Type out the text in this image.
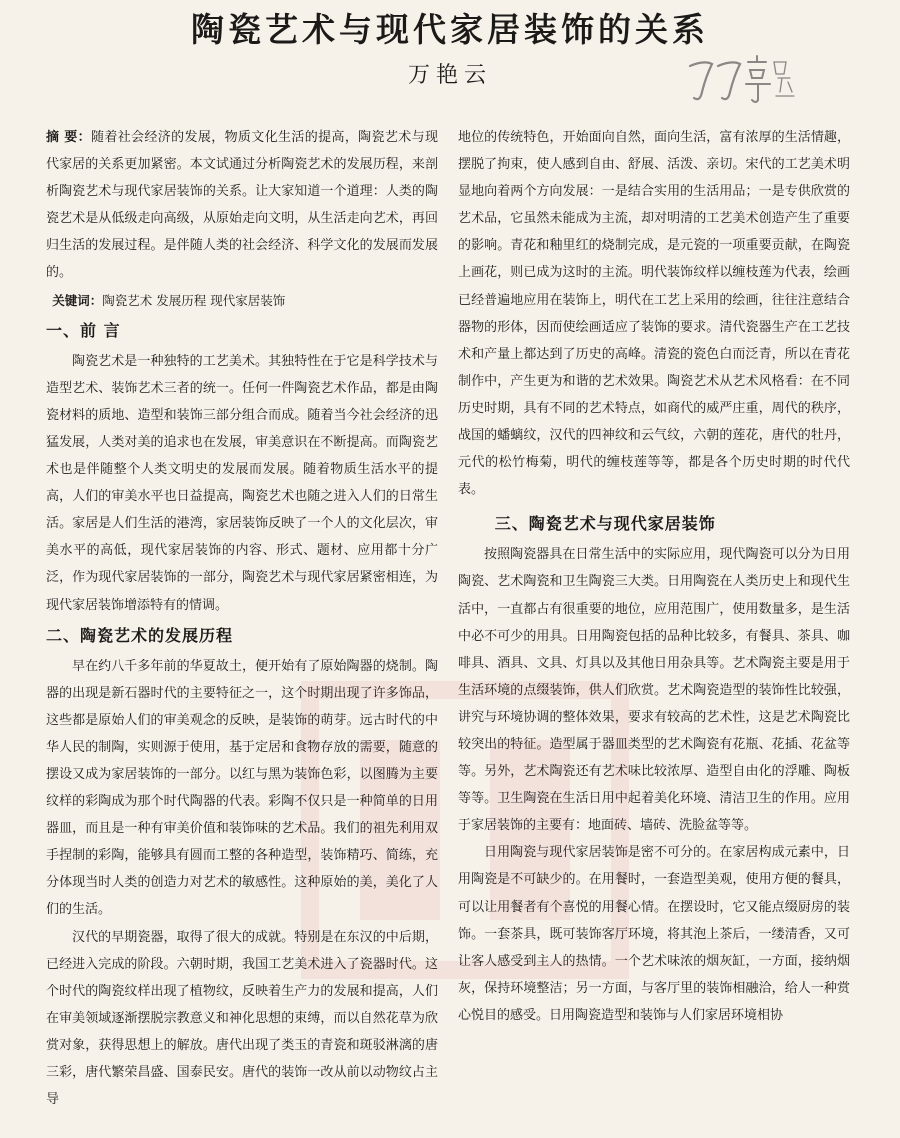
陶瓷艺术与现代家居装饰的关系
万艳云

摘 要：随着社会经济的发展，物质文化生活的提高，陶瓷艺术与现代家居的关系更加紧密。本文试通过分析陶瓷艺术的发展历程，来剖析陶瓷艺术与现代家居装饰的关系。让大家知道一个道理：人类的陶瓷艺术是从低级走向高级，从原始走向文明，从生活走向艺术，再回归生活的发展过程。是伴随人类的社会经济、科学文化的发展而发展的。

关键词：陶瓷艺术 发展历程 现代家居装饰

一、前 言

陶瓷艺术是一种独特的工艺美术。其独特性在于它是科学技术与造型艺术、装饰艺术三者的统一。任何一件陶瓷艺术作品，都是由陶瓷材料的质地、造型和装饰三部分组合而成。随着当今社会经济的迅猛发展，人类对美的追求也在发展，审美意识在不断提高。而陶瓷艺术也是伴随整个人类文明史的发展而发展。随着物质生活水平的提高，人们的审美水平也日益提高，陶瓷艺术也随之进入人们的日常生活。家居是人们生活的港湾，家居装饰反映了一个人的文化层次，审美水平的高低，现代家居装饰的内容、形式、题材、应用都十分广泛，作为现代家居装饰的一部分，陶瓷艺术与现代家居紧密相连，为现代家居装饰增添特有的情调。

二、陶瓷艺术的发展历程

早在约八千多年前的华夏故土，便开始有了原始陶器的烧制。陶器的出现是新石器时代的主要特征之一，这个时期出现了许多饰品，这些都是原始人们的审美观念的反映，是装饰的萌芽。远古时代的中华人民的制陶，实则源于使用，基于定居和食物存放的需要，随意的摆设又成为家居装饰的一部分。以红与黑为装饰色彩，以图腾为主要纹样的彩陶成为那个时代陶器的代表。彩陶不仅只是一种简单的日用器皿，而且是一种有审美价值和装饰味的艺术品。我们的祖先利用双手捏制的彩陶，能够具有圆而工整的各种造型，装饰精巧、简练，充分体现当时人类的创造力对艺术的敏感性。这种原始的美，美化了人们的生活。

汉代的早期瓷器，取得了很大的成就。特别是在东汉的中后期，已经进入完成的阶段。六朝时期，我国工艺美术进入了瓷器时代。这个时代的陶瓷纹样出现了植物纹，反映着生产力的发展和提高，人们在审美领域逐渐摆脱宗教意义和神化思想的束缚，而以自然花草为欣赏对象，获得思想上的解放。唐代出现了类玉的青瓷和斑驳淋漓的唐三彩，唐代繁荣昌盛、国泰民安。唐代的装饰一改从前以动物纹占主导

地位的传统特色，开始面向自然，面向生活，富有浓厚的生活情趣，摆脱了拘束，使人感到自由、舒展、活泼、亲切。宋代的工艺美术明显地向着两个方向发展：一是结合实用的生活用品；一是专供欣赏的艺术品，它虽然未能成为主流，却对明清的工艺美术创造产生了重要的影响。青花和釉里红的烧制完成，是元瓷的一项重要贡献，在陶瓷上画花，则已成为这时的主流。明代装饰纹样以缠枝莲为代表，绘画已经普遍地应用在装饰上，明代在工艺上采用的绘画，往往注意结合器物的形体，因而使绘画适应了装饰的要求。清代瓷器生产在工艺技术和产量上都达到了历史的高峰。清瓷的瓷色白而泛青，所以在青花制作中，产生更为和谐的艺术效果。陶瓷艺术从艺术风格看：在不同历史时期，具有不同的艺术特点，如商代的威严庄重，周代的秩序，战国的蟠螭纹，汉代的四神纹和云气纹，六朝的莲花，唐代的牡丹，元代的松竹梅菊，明代的缠枝莲等等，都是各个历史时期的时代代表。

三、陶瓷艺术与现代家居装饰

按照陶瓷器具在日常生活中的实际应用，现代陶瓷可以分为日用陶瓷、艺术陶瓷和卫生陶瓷三大类。日用陶瓷在人类历史上和现代生活中，一直都占有很重要的地位，应用范围广，使用数量多，是生活中必不可少的用具。日用陶瓷包括的品种比较多，有餐具、茶具、咖啡具、酒具、文具、灯具以及其他日用杂具等。艺术陶瓷主要是用于生活环境的点缀装饰，供人们欣赏。艺术陶瓷造型的装饰性比较强，讲究与环境协调的整体效果，要求有较高的艺术性，这是艺术陶瓷比较突出的特征。造型属于器皿类型的艺术陶瓷有花瓶、花插、花盆等等。另外，艺术陶瓷还有艺术味比较浓厚、造型自由化的浮雕、陶板等等。卫生陶瓷在生活日用中起着美化环境、清洁卫生的作用。应用于家居装饰的主要有：地面砖、墙砖、洗脸盆等等。

日用陶瓷与现代家居装饰是密不可分的。在家居构成元素中，日用陶瓷是不可缺少的。在用餐时，一套造型美观，使用方便的餐具，可以让用餐者有个喜悦的用餐心情。在摆设时，它又能点缀厨房的装饰。一套茶具，既可装饰客厅环境，将其泡上茶后，一缕清香，又可让客人感受到主人的热情。一个艺术味浓的烟灰缸，一方面，接纳烟灰，保持环境整洁；另一方面，与客厅里的装饰相融洽，给人一种赏心悦目的感受。日用陶瓷造型和装饰与人们家居环境相协
